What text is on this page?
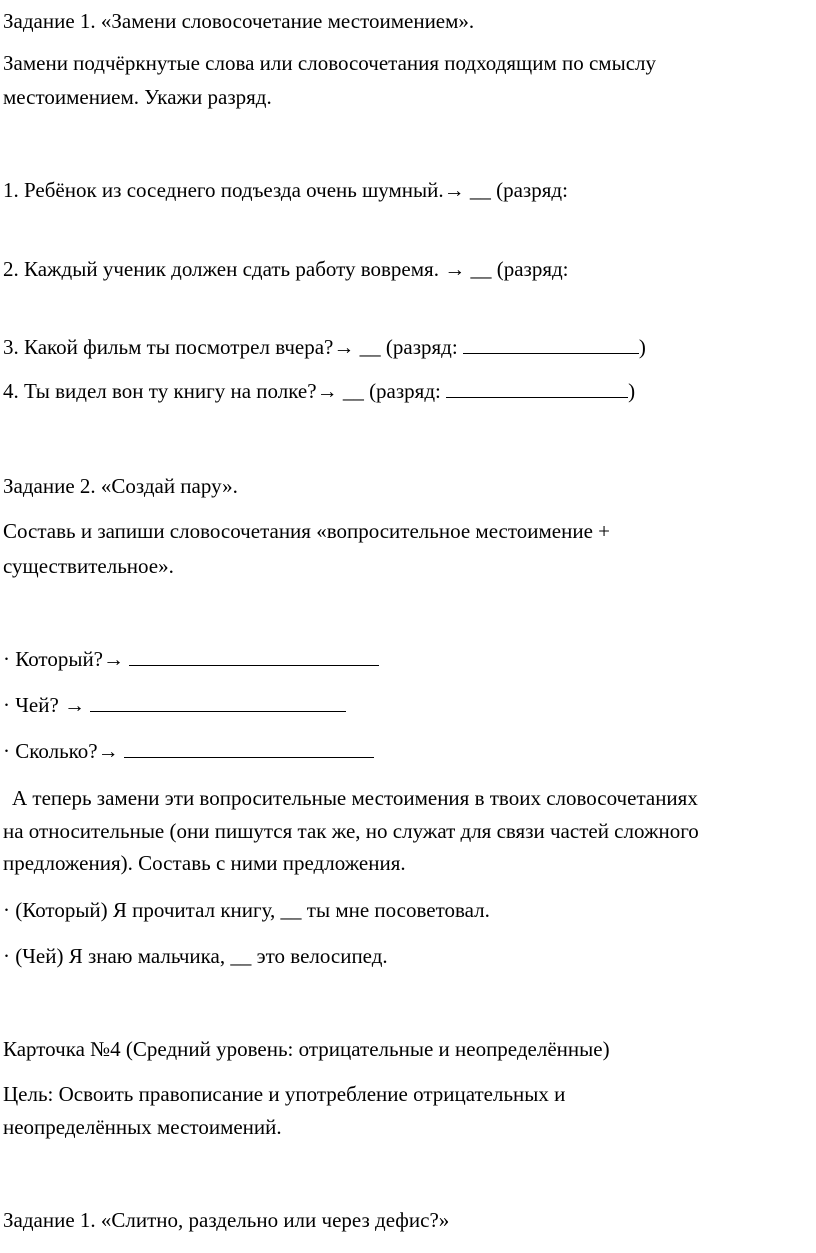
Задание 1. «Замени словосочетание местоимением».

Замени подчёркнутые слова или словосочетания подходящим по смыслу

местоимением. Укажи разряд.

1. Ребёнок из соседнего подъезда очень шумный.→ __ (разряд:

2. Каждый ученик должен сдать работу вовремя. → __ (разряд:

3. Какой фильм ты посмотрел вчера?→ __ (разряд:	)

4. Ты видел вон ту книгу на полке?→ __ (разряд:	)

Задание 2. «Создай пару».

Составь и запиши словосочетания «вопросительное местоимение +

существительное».

· Который?→

· Чей? →

· Сколько?→

А теперь замени эти вопросительные местоимения в твоих словосочетаниях

на относительные (они пишутся так же, но служат для связи частей сложного

предложения). Составь с ними предложения.

· (Который) Я прочитал книгу, __ ты мне посоветовал.

· (Чей) Я знаю мальчика, __ это велосипед.

Карточка №4 (Средний уровень: отрицательные и неопределённые)

Цель: Освоить правописание и употребление отрицательных и

неопределённых местоимений.

Задание 1. «Слитно, раздельно или через дефис?»
